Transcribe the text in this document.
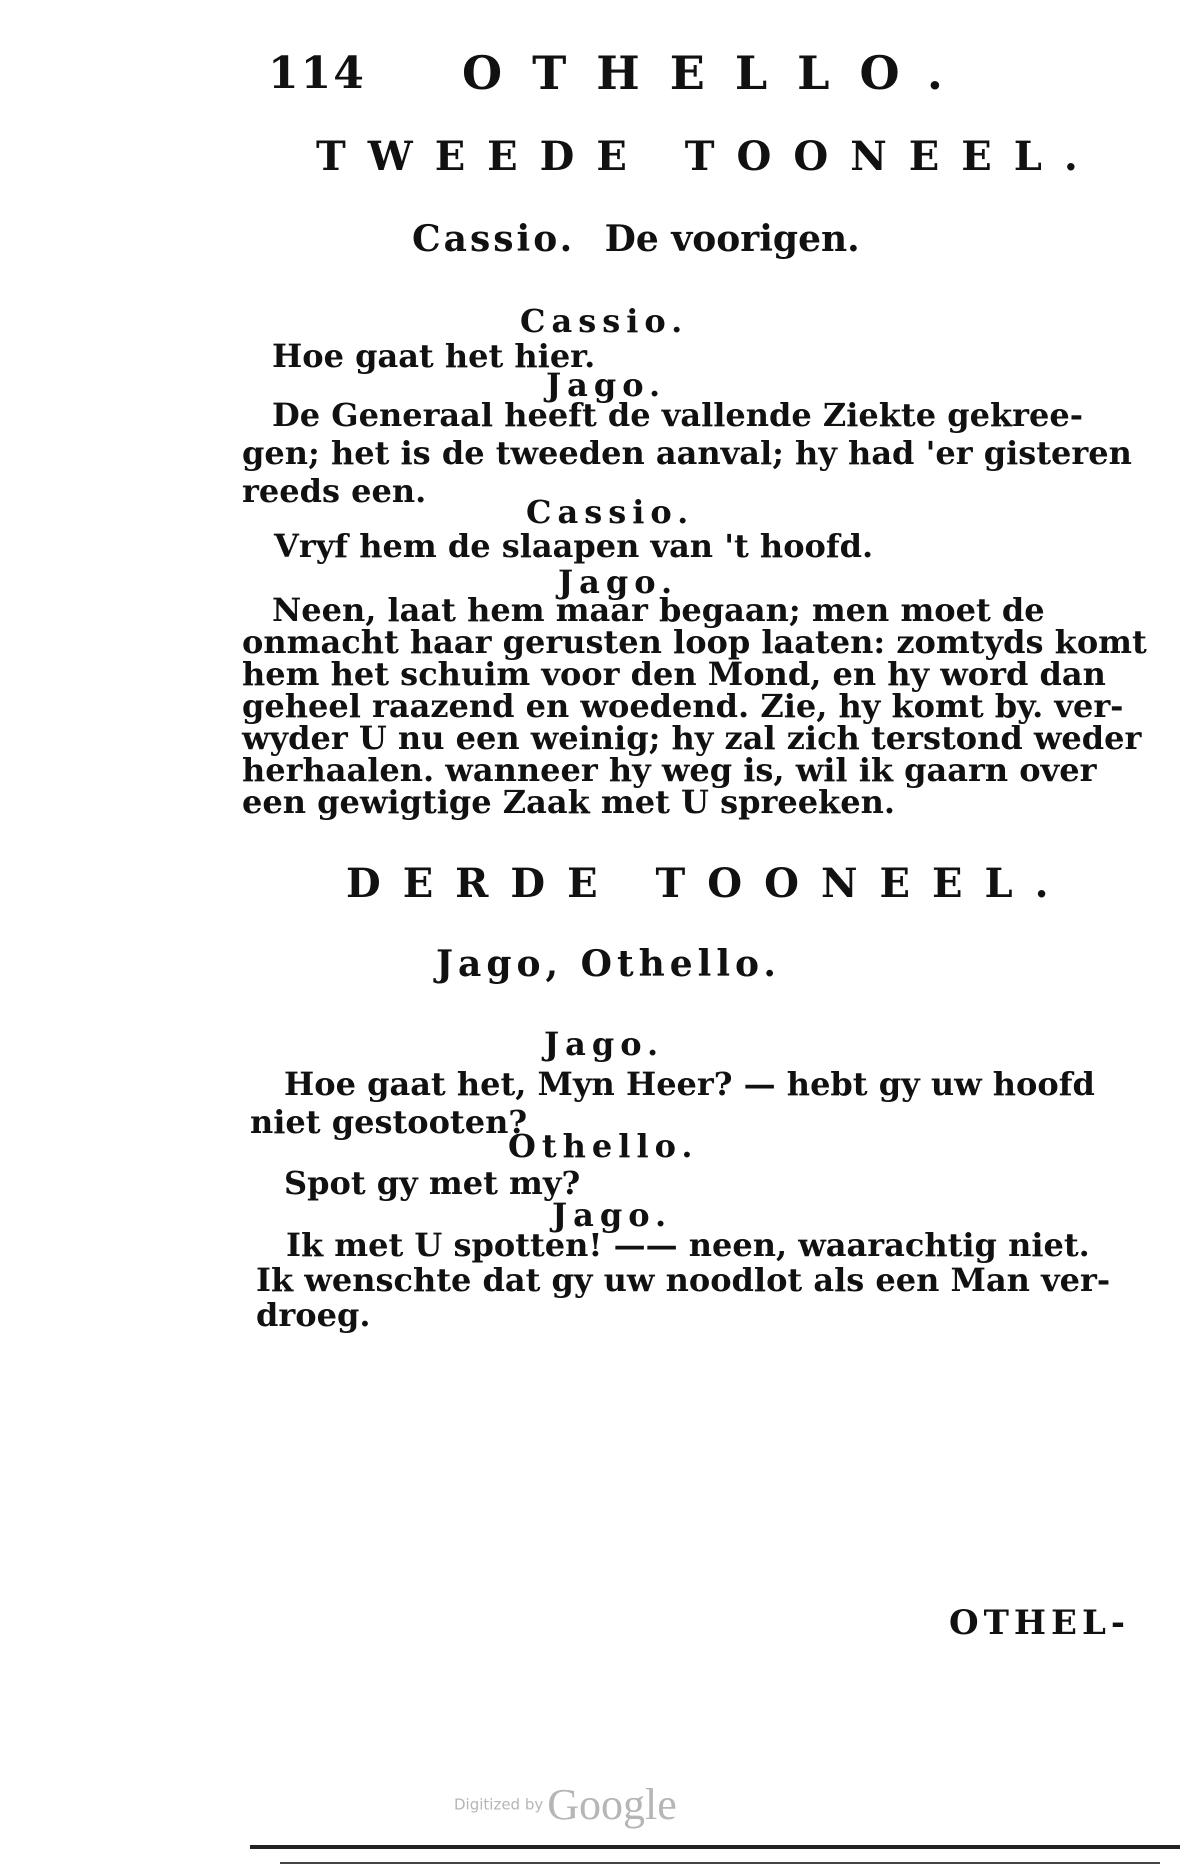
114 OTHELLO.
TWEEDE TOONEEL.
Cassio. De voorigen.
Cassio.
Hoe gaat het hier.
Jago.
De Generaal heeft de vallende Ziekte gekree-
gen; het is de tweeden aanval; hy had 'er gisteren
reeds een.
Cassio.
Vryf hem de slaapen van 't hoofd.
Jago.
Neen, laat hem maar begaan; men moet de
onmacht haar gerusten loop laaten: zomtyds komt
hem het schuim voor den Mond, en hy word dan
geheel raazend en woedend. Zie, hy komt by. ver-
wyder U nu een weinig; hy zal zich terstond weder
herhaalen. wanneer hy weg is, wil ik gaarn over
een gewigtige Zaak met U spreeken.
DERDE TOONEEL.
Jago, Othello.
Jago.
Hoe gaat het, Myn Heer? — hebt gy uw hoofd
niet gestooten?
Othello.
Spot gy met my?
Jago.
Ik met U spotten! —— neen, waarachtig niet.
Ik wenschte dat gy uw noodlot als een Man ver-
droeg.
OTHEL-
Digitized byGoogle
